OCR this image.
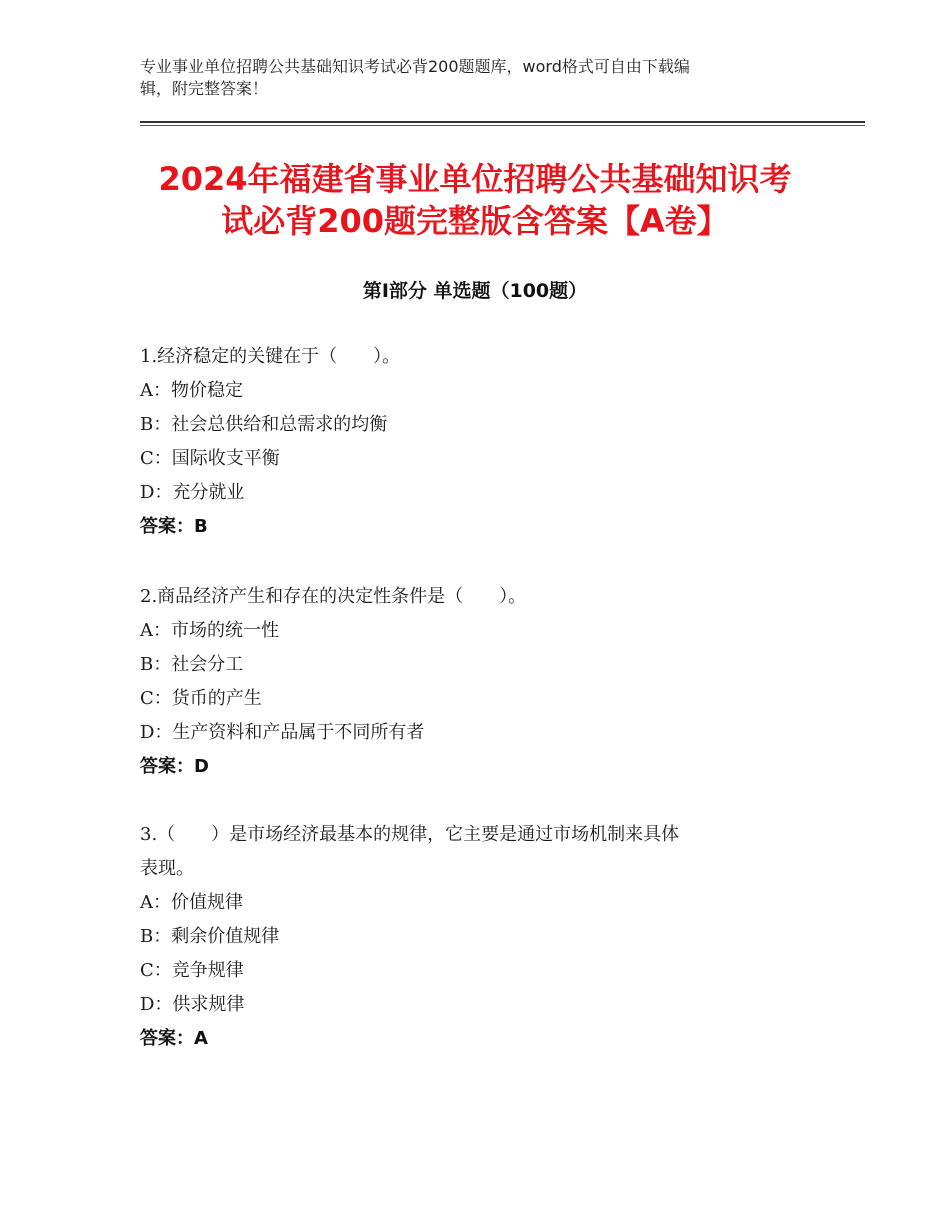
专业事业单位招聘公共基础知识考试必背200题题库，word格式可自由下载编
辑，附完整答案！
2024年福建省事业单位招聘公共基础知识考
试必背200题完整版含答案【A卷】
第Ⅰ部分 单选题（100题）
1.经济稳定的关键在于（　　）。
A：物价稳定
B：社会总供给和总需求的均衡
C：国际收支平衡
D：充分就业
答案：B
2.商品经济产生和存在的决定性条件是（　　）。
A：市场的统一性
B：社会分工
C：货币的产生
D：生产资料和产品属于不同所有者
答案：D
3.（　　）是市场经济最基本的规律，它主要是通过市场机制来具体
表现。
A：价值规律
B：剩余价值规律
C：竞争规律
D：供求规律
答案：A
